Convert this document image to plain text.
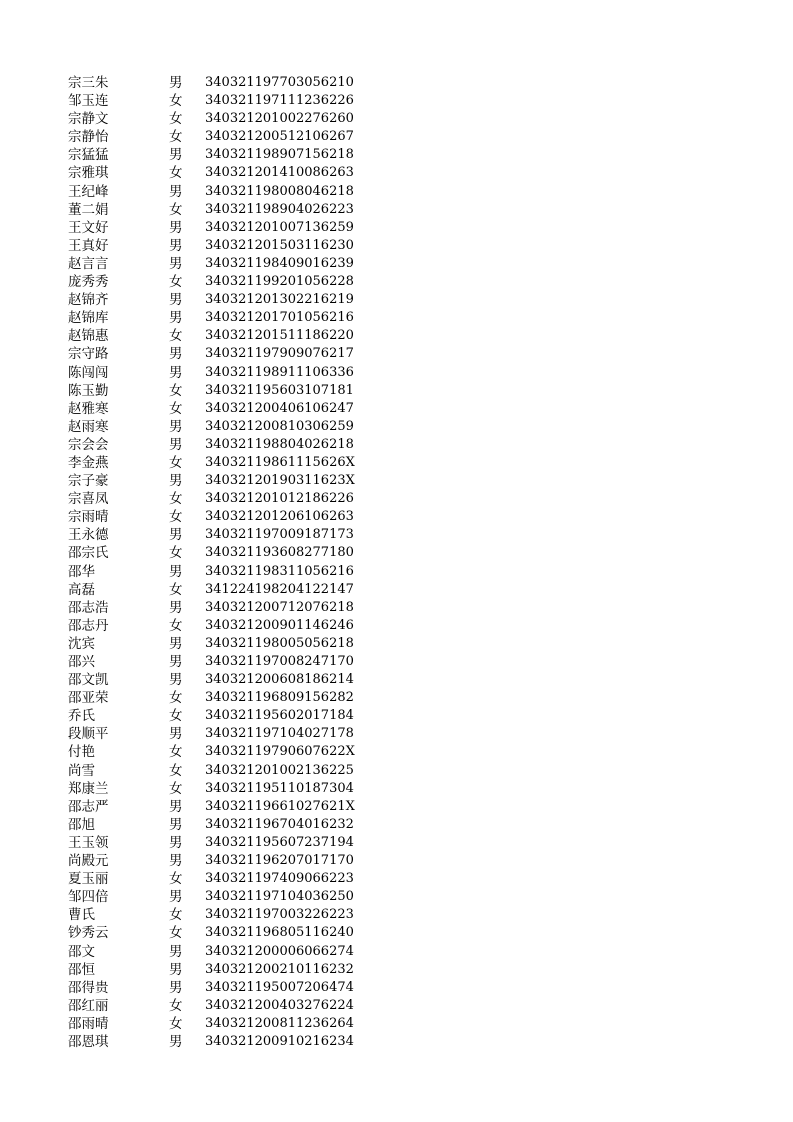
宗三朱	男	340321197703056210
邹玉连	女	340321197111236226
宗静文	女	340321201002276260
宗静怡	女	340321200512106267
宗猛猛	男	340321198907156218
宗雅琪	女	340321201410086263
王纪峰	男	340321198008046218
董二娟	女	340321198904026223
王文好	男	340321201007136259
王真好	男	340321201503116230
赵言言	男	340321198409016239
庞秀秀	女	340321199201056228
赵锦齐	男	340321201302216219
赵锦库	男	340321201701056216
赵锦惠	女	340321201511186220
宗守路	男	340321197909076217
陈闯闯	男	340321198911106336
陈玉勤	女	340321195603107181
赵雅寒	女	340321200406106247
赵雨寒	男	340321200810306259
宗会会	男	340321198804026218
李金燕	女	34032119861115626X
宗子豪	男	34032120190311623X
宗喜凤	女	340321201012186226
宗雨晴	女	340321201206106263
王永德	男	340321197009187173
邵宗氏	女	340321193608277180
邵华	男	340321198311056216
高磊	女	341224198204122147
邵志浩	男	340321200712076218
邵志丹	女	340321200901146246
沈宾	男	340321198005056218
邵兴	男	340321197008247170
邵文凯	男	340321200608186214
邵亚荣	女	340321196809156282
乔氏	女	340321195602017184
段顺平	男	340321197104027178
付艳	女	34032119790607622X
尚雪	女	340321201002136225
郑康兰	女	340321195110187304
邵志严	男	34032119661027621X
邵旭	男	340321196704016232
王玉领	男	340321195607237194
尚殿元	男	340321196207017170
夏玉丽	女	340321197409066223
邹四倍	男	340321197104036250
曹氏	女	340321197003226223
钞秀云	女	340321196805116240
邵文	男	340321200006066274
邵恒	男	340321200210116232
邵得贵	男	340321195007206474
邵红丽	女	340321200403276224
邵雨晴	女	340321200811236264
邵恩琪	男	340321200910216234
